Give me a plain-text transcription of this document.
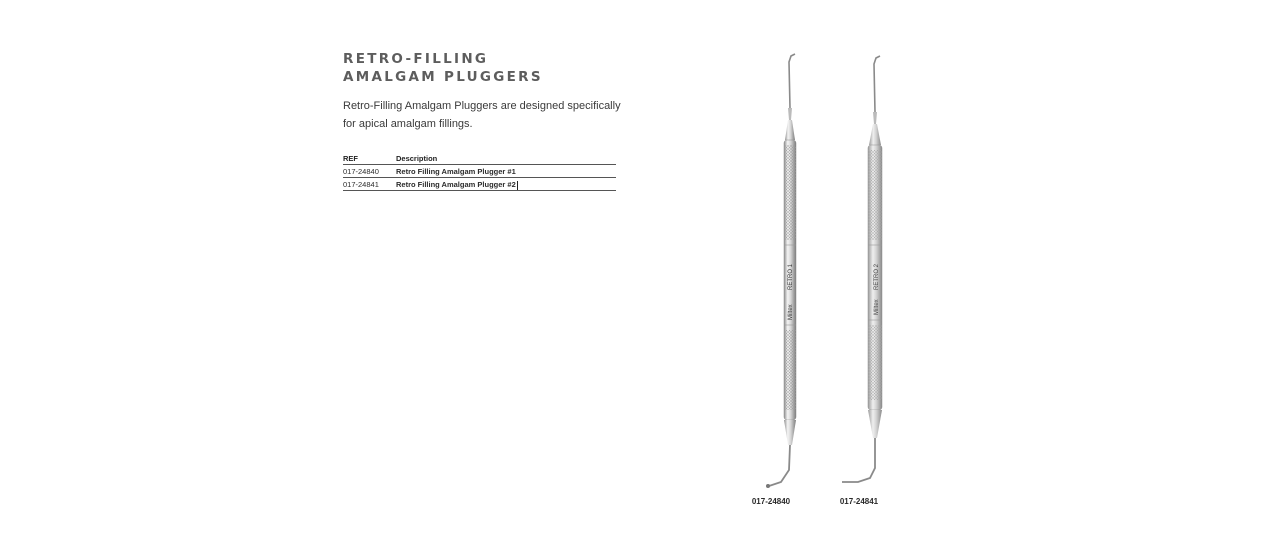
RETRO-FILLING
AMALGAM PLUGGERS
Retro-Filling Amalgam Pluggers are designed specifically
for apical amalgam fillings.
REF	Description
017-24840	Retro Filling Amalgam Plugger #1
017-24841	Retro Filling Amalgam Plugger #2
Miltex
RETRO 1
Miltex
RETRO 2
017-24840	017-24841
